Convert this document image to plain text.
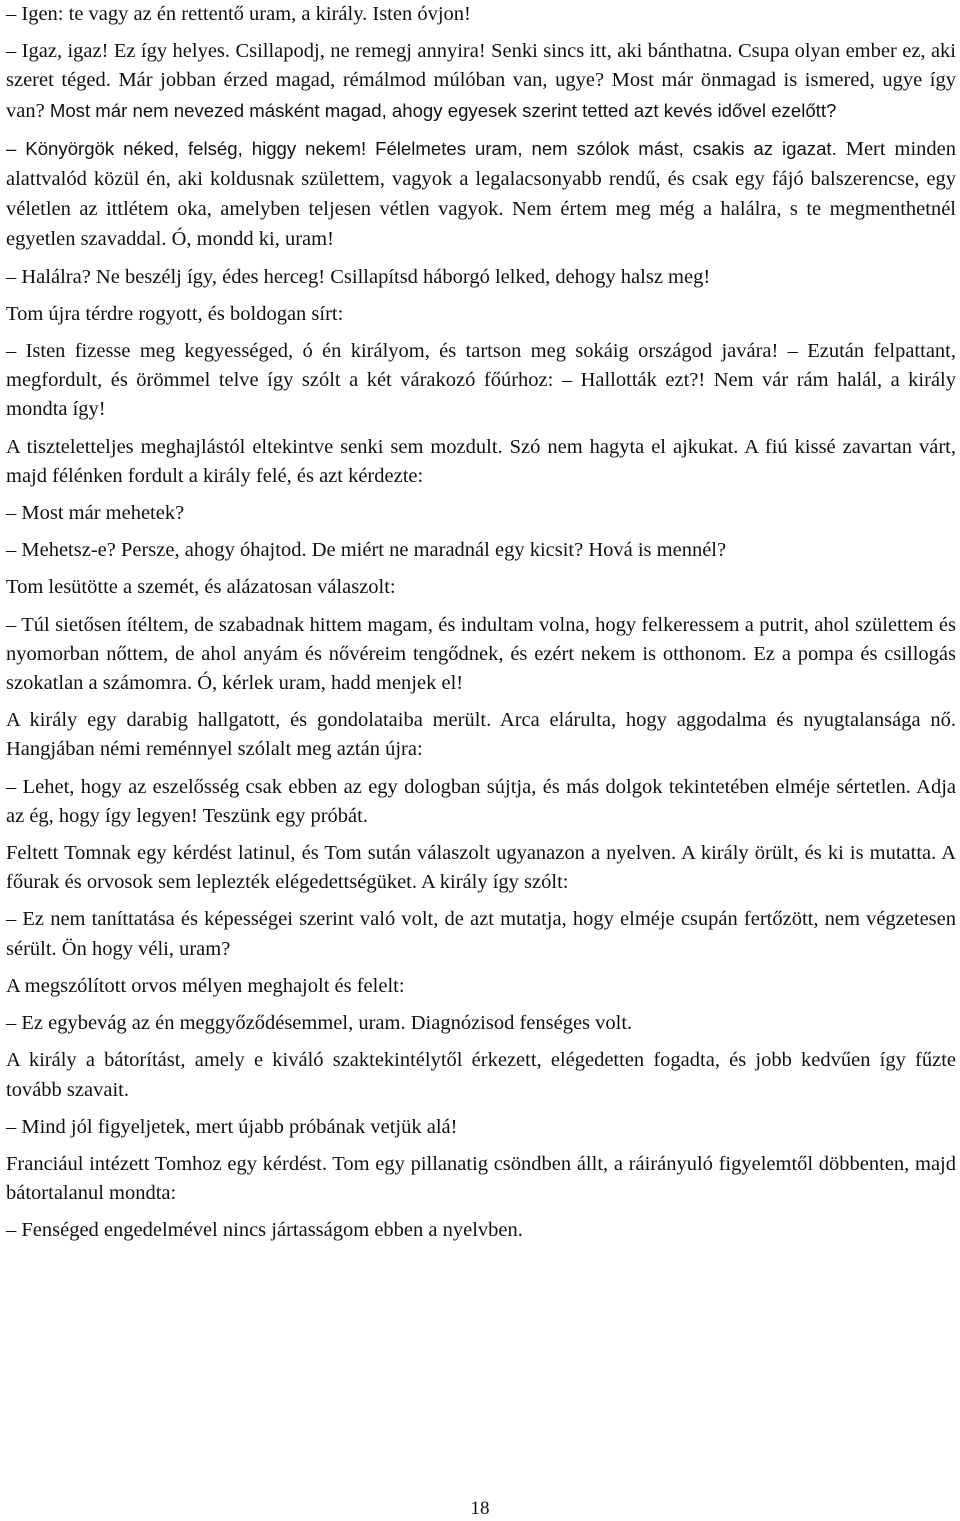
– Igen: te vagy az én rettentő uram, a király. Isten óvjon!

– Igaz, igaz! Ez így helyes. Csillapodj, ne remegj annyira! Senki sincs itt, aki bánthatna. Csupa olyan ember ez, aki szeret téged. Már jobban érzed magad, rémálmod múlóban van, ugye? Most már önmagad is ismered, ugye így van? Most már nem nevezed másként magad, ahogy egyesek szerint tetted azt kevés idővel ezelőtt?

– Könyörgök néked, felség, higgy nekem! Félelmetes uram, nem szólok mást, csakis az igazat. Mert minden alattvalód közül én, aki koldusnak születtem, vagyok a legalacsonyabb rendű, és csak egy fájó balszerencse, egy véletlen az ittlétem oka, amelyben teljesen vétlen vagyok. Nem értem meg még a halálra, s te megmenthetnél egyetlen szavaddal. Ó, mondd ki, uram!

– Halálra? Ne beszélj így, édes herceg! Csillapítsd háborgó lelked, dehogy halsz meg!

Tom újra térdre rogyott, és boldogan sírt:

– Isten fizesse meg kegyességed, ó én királyom, és tartson meg sokáig országod javára! – Ezután felpattant, megfordult, és örömmel telve így szólt a két várakozó főúrhoz: – Hallották ezt?! Nem vár rám halál, a király mondta így!

A tiszteletteljes meghajlástól eltekintve senki sem mozdult. Szó nem hagyta el ajkukat. A fiú kissé zavartan várt, majd félénken fordult a király felé, és azt kérdezte:

– Most már mehetek?

– Mehetsz-e? Persze, ahogy óhajtod. De miért ne maradnál egy kicsit? Hová is mennél?

Tom lesütötte a szemét, és alázatosan válaszolt:

– Túl sietősen ítéltem, de szabadnak hittem magam, és indultam volna, hogy felkeressem a putrit, ahol születtem és nyomorban nőttem, de ahol anyám és nővéreim tengődnek, és ezért nekem is otthonom. Ez a pompa és csillogás szokatlan a számomra. Ó, kérlek uram, hadd menjek el!

A király egy darabig hallgatott, és gondolataiba merült. Arca elárulta, hogy aggodalma és nyugtalansága nő. Hangjában némi reménnyel szólalt meg aztán újra:

– Lehet, hogy az eszelősség csak ebben az egy dologban sújtja, és más dolgok tekintetében elméje sértetlen. Adja az ég, hogy így legyen! Teszünk egy próbát.

Feltett Tomnak egy kérdést latinul, és Tom sután válaszolt ugyanazon a nyelven. A király örült, és ki is mutatta. A főurak és orvosok sem leplezték elégedettségüket. A király így szólt:

– Ez nem taníttatása és képességei szerint való volt, de azt mutatja, hogy elméje csupán fertőzött, nem végzetesen sérült. Ön hogy véli, uram?

A megszólított orvos mélyen meghajolt és felelt:

– Ez egybevág az én meggyőződésemmel, uram. Diagnózisod fenséges volt.

A király a bátorítást, amely e kiváló szaktekintélytől érkezett, elégedetten fogadta, és jobb kedvűen így fűzte tovább szavait.

– Mind jól figyeljetek, mert újabb próbának vetjük alá!

Franciául intézett Tomhoz egy kérdést. Tom egy pillanatig csöndben állt, a ráirányuló figyelemtől döbbenten, majd bátortalanul mondta:

– Fenséged engedelmével nincs jártasságom ebben a nyelvben.

18
